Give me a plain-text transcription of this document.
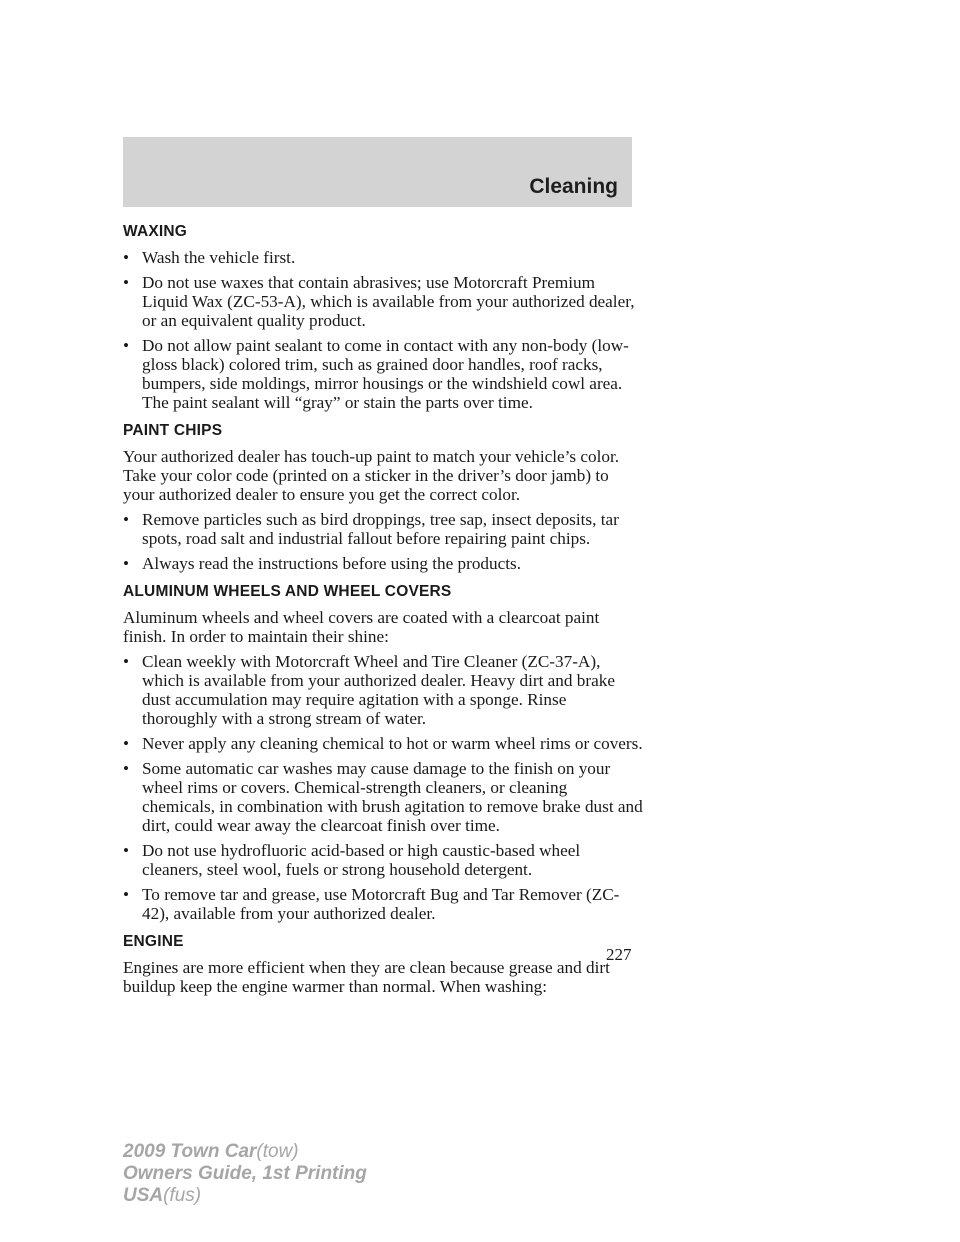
Cleaning
WAXING
• Wash the vehicle first.
• Do not use waxes that contain abrasives; use Motorcraft Premium Liquid Wax (ZC-53-A), which is available from your authorized dealer, or an equivalent quality product.
• Do not allow paint sealant to come in contact with any non-body (low-gloss black) colored trim, such as grained door handles, roof racks, bumpers, side moldings, mirror housings or the windshield cowl area. The paint sealant will “gray” or stain the parts over time.
PAINT CHIPS

Your authorized dealer has touch-up paint to match your vehicle’s color. Take your color code (printed on a sticker in the driver’s door jamb) to your authorized dealer to ensure you get the correct color.

• Remove particles such as bird droppings, tree sap, insect deposits, tar spots, road salt and industrial fallout before repairing paint chips.
• Always read the instructions before using the products.
ALUMINUM WHEELS AND WHEEL COVERS

Aluminum wheels and wheel covers are coated with a clearcoat paint finish. In order to maintain their shine:

• Clean weekly with Motorcraft Wheel and Tire Cleaner (ZC-37-A), which is available from your authorized dealer. Heavy dirt and brake dust accumulation may require agitation with a sponge. Rinse thoroughly with a strong stream of water.
• Never apply any cleaning chemical to hot or warm wheel rims or covers.
• Some automatic car washes may cause damage to the finish on your wheel rims or covers. Chemical-strength cleaners, or cleaning chemicals, in combination with brush agitation to remove brake dust and dirt, could wear away the clearcoat finish over time.
• Do not use hydrofluoric acid-based or high caustic-based wheel cleaners, steel wool, fuels or strong household detergent.
• To remove tar and grease, use Motorcraft Bug and Tar Remover (ZC-42), available from your authorized dealer.
ENGINE

Engines are more efficient when they are clean because grease and dirt buildup keep the engine warmer than normal. When washing:

227
2009 Town Car(tow)
Owners Guide, 1st Printing
USA(fus)
